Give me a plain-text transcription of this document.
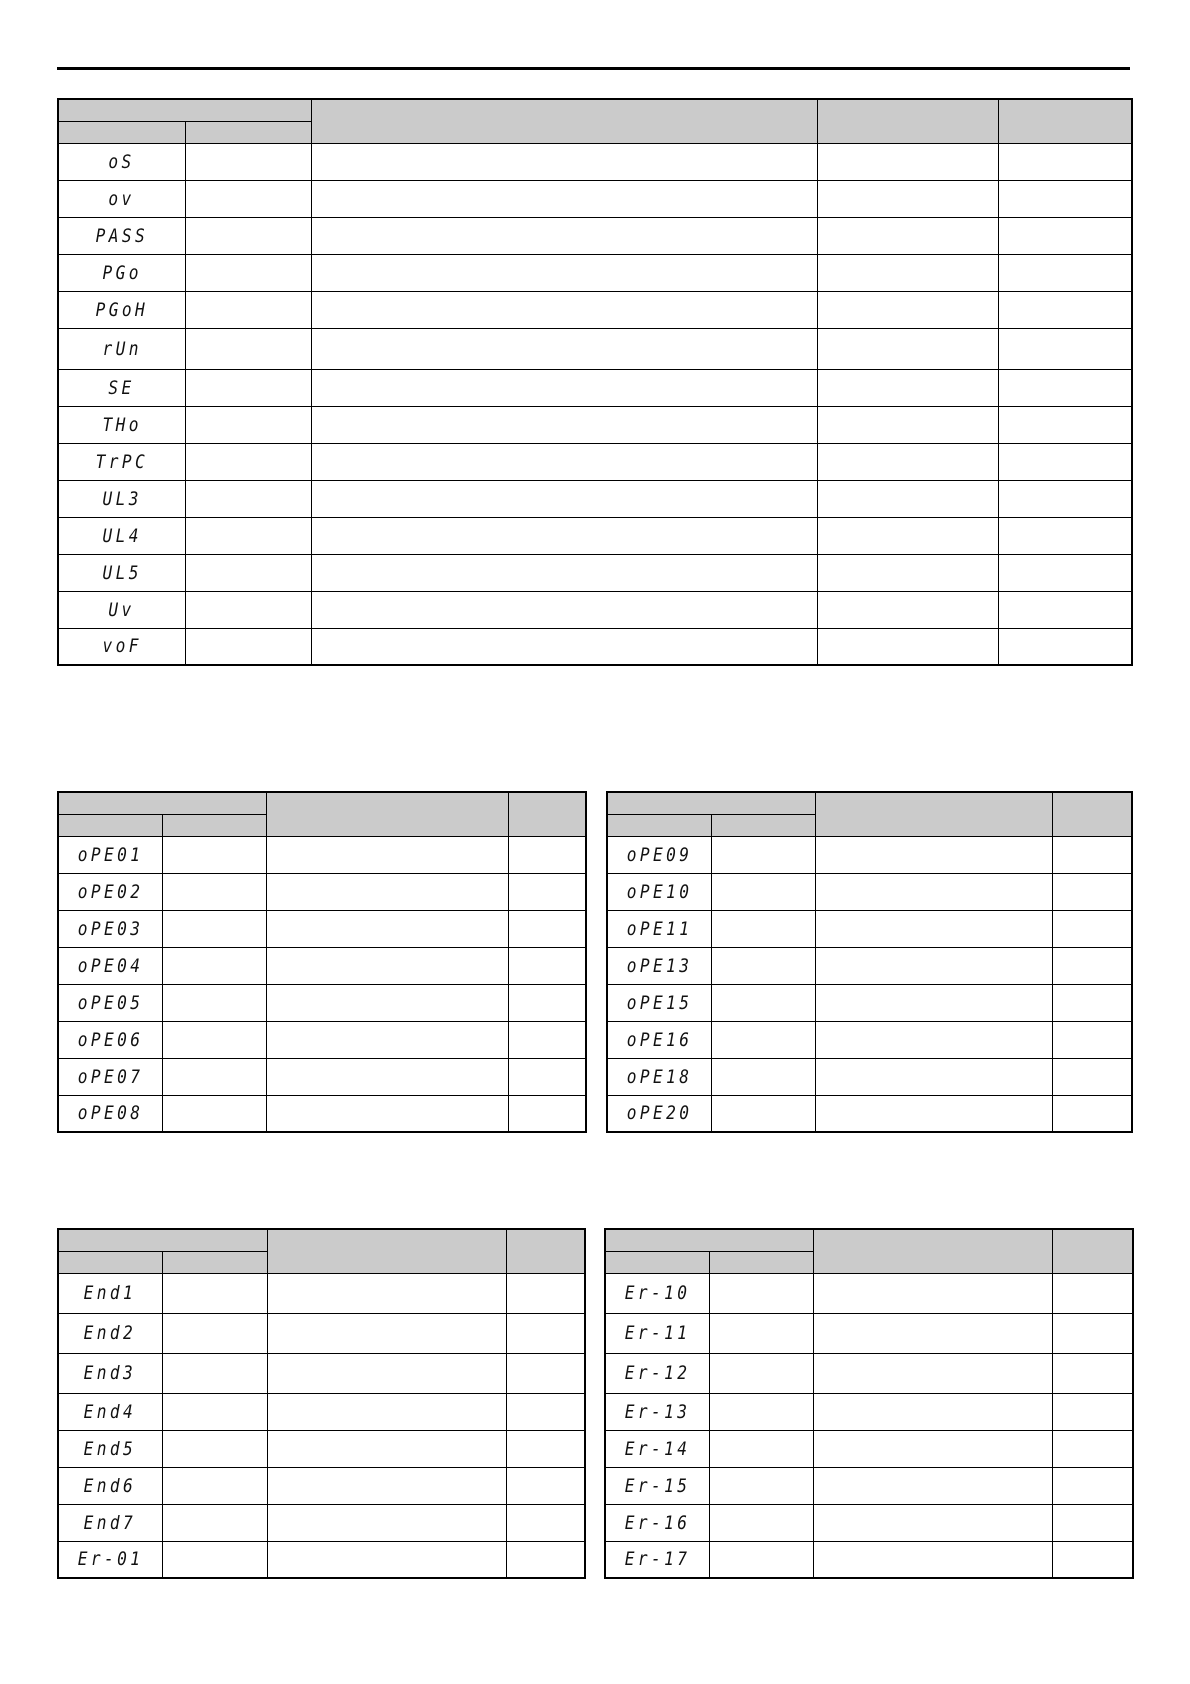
oS				
ov				
PASS				
PGo				
PGoH				
rUn				
SE				
THo				
TrPC				
UL3				
UL4				
UL5				
Uv				
voF				

oPE01			
oPE02			
oPE03			
oPE04			
oPE05			
oPE06			
oPE07			
oPE08			

oPE09			
oPE10			
oPE11			
oPE13			
oPE15			
oPE16			
oPE18			
oPE20			

End1			
End2			
End3			
End4			
End5			
End6			
End7			
Er-01			

Er-10			
Er-11			
Er-12			
Er-13			
Er-14			
Er-15			
Er-16			
Er-17			
